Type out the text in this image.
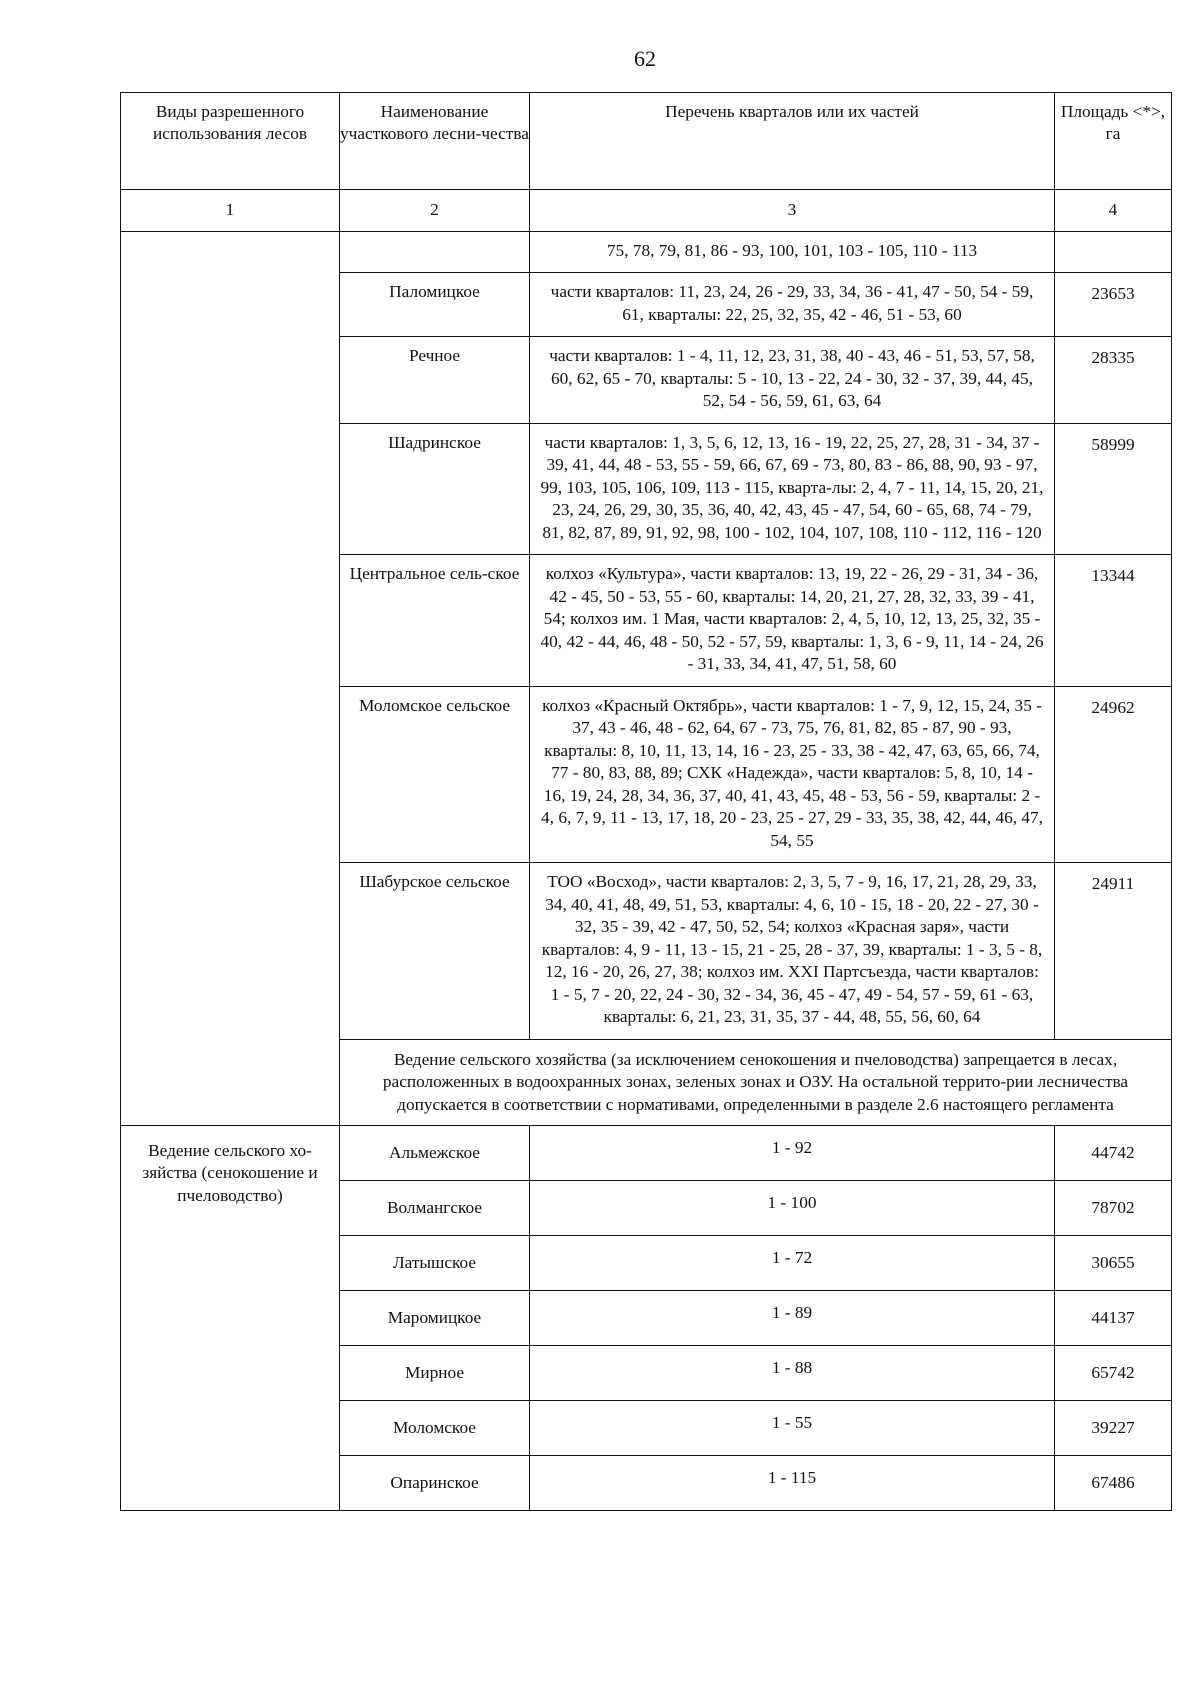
62
Виды разрешенного использования лесов	Наименование участкового лесни-чества	Перечень кварталов или их частей	Площадь <*>, га
1	2	3	4
		75, 78, 79, 81, 86 - 93, 100, 101, 103 - 105, 110 - 113	
	Паломицкое	части кварталов: 11, 23, 24, 26 - 29, 33, 34, 36 - 41, 47 - 50, 54 - 59, 61, кварталы: 22, 25, 32, 35, 42 - 46, 51 - 53, 60	23653
	Речное	части кварталов: 1 - 4, 11, 12, 23, 31, 38, 40 - 43, 46 - 51, 53, 57, 58, 60, 62, 65 - 70, кварталы: 5 - 10, 13 - 22, 24 - 30, 32 - 37, 39, 44, 45, 52, 54 - 56, 59, 61, 63, 64	28335
	Шадринское	части кварталов: 1, 3, 5, 6, 12, 13, 16 - 19, 22, 25, 27, 28, 31 - 34, 37 - 39, 41, 44, 48 - 53, 55 - 59, 66, 67, 69 - 73, 80, 83 - 86, 88, 90, 93 - 97, 99, 103, 105, 106, 109, 113 - 115, кварта-лы: 2, 4, 7 - 11, 14, 15, 20, 21, 23, 24, 26, 29, 30, 35, 36, 40, 42, 43, 45 - 47, 54, 60 - 65, 68, 74 - 79, 81, 82, 87, 89, 91, 92, 98, 100 - 102, 104, 107, 108, 110 - 112, 116 - 120	58999
	Центральное сель-ское	колхоз «Культура», части кварталов: 13, 19, 22 - 26, 29 - 31, 34 - 36, 42 - 45, 50 - 53, 55 - 60, кварталы: 14, 20, 21, 27, 28, 32, 33, 39 - 41, 54; колхоз им. 1 Мая, части кварталов: 2, 4, 5, 10, 12, 13, 25, 32, 35 - 40, 42 - 44, 46, 48 - 50, 52 - 57, 59, кварталы: 1, 3, 6 - 9, 11, 14 - 24, 26 - 31, 33, 34, 41, 47, 51, 58, 60	13344
	Моломское сельское	колхоз «Красный Октябрь», части кварталов: 1 - 7, 9, 12, 15, 24, 35 - 37, 43 - 46, 48 - 62, 64, 67 - 73, 75, 76, 81, 82, 85 - 87, 90 - 93, кварталы: 8, 10, 11, 13, 14, 16 - 23, 25 - 33, 38 - 42, 47, 63, 65, 66, 74, 77 - 80, 83, 88, 89; СХК «Надежда», части кварталов: 5, 8, 10, 14 - 16, 19, 24, 28, 34, 36, 37, 40, 41, 43, 45, 48 - 53, 56 - 59, кварталы: 2 - 4, 6, 7, 9, 11 - 13, 17, 18, 20 - 23, 25 - 27, 29 - 33, 35, 38, 42, 44, 46, 47, 54, 55	24962
	Шабурское сельское	ТОО «Восход», части кварталов: 2, 3, 5, 7 - 9, 16, 17, 21, 28, 29, 33, 34, 40, 41, 48, 49, 51, 53, кварталы: 4, 6, 10 - 15, 18 - 20, 22 - 27, 30 - 32, 35 - 39, 42 - 47, 50, 52, 54; колхоз «Красная заря», части кварталов: 4, 9 - 11, 13 - 15, 21 - 25, 28 - 37, 39, кварталы: 1 - 3, 5 - 8, 12, 16 - 20, 26, 27, 38; колхоз им. XXI Партсъезда, части кварталов: 1 - 5, 7 - 20, 22, 24 - 30, 32 - 34, 36, 45 - 47, 49 - 54, 57 - 59, 61 - 63, кварталы: 6, 21, 23, 31, 35, 37 - 44, 48, 55, 56, 60, 64	24911
	Ведение сельского хозяйства (за исключением сенокошения и пчеловодства) запрещается в лесах, расположенных в водоохранных зонах, зеленых зонах и ОЗУ. На остальной террито-рии лесничества допускается в соответствии с нормативами, определенными в разделе 2.6 настоящего регламента		
Ведение сельского хо-зяйства (сенокошение и пчеловодство)	Альмежское	1 - 92	44742
	Волмангское	1 - 100	78702
	Латышское	1 - 72	30655
	Маромицкое	1 - 89	44137
	Мирное	1 - 88	65742
	Моломское	1 - 55	39227
	Опаринское	1 - 115	67486
